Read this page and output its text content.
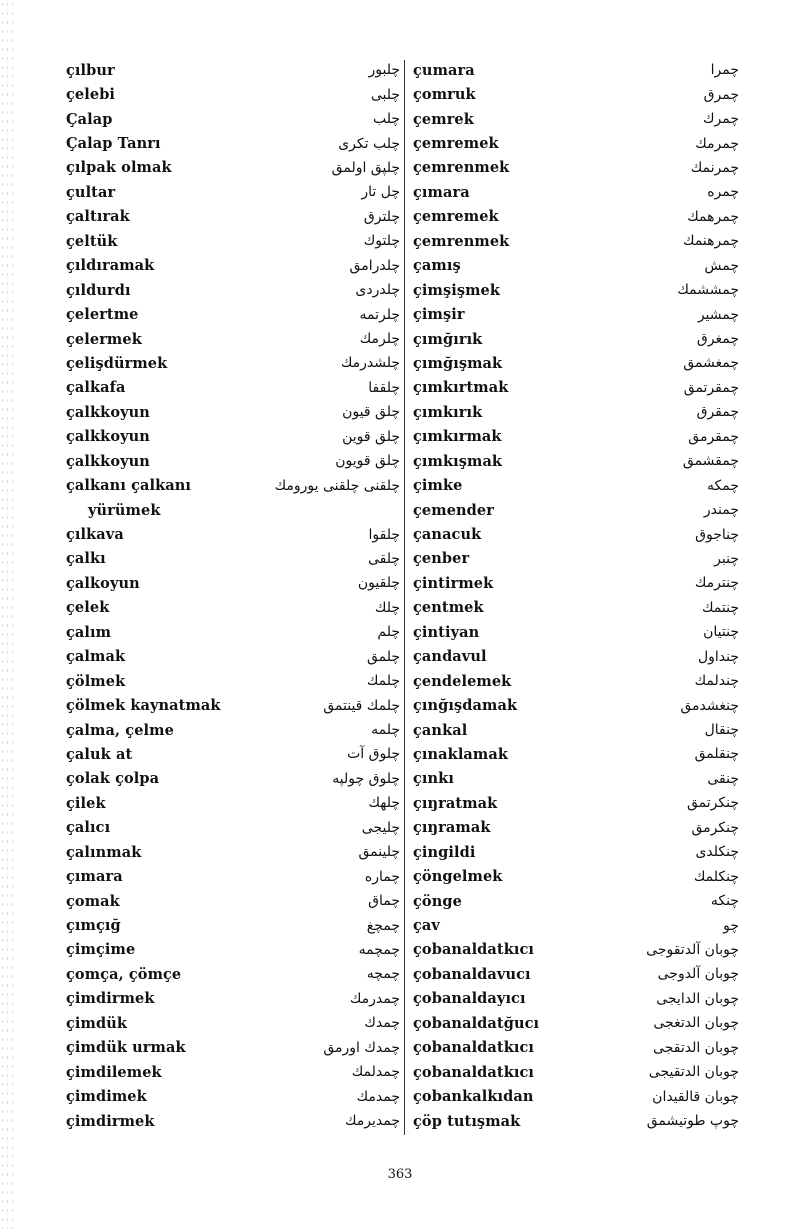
çılbur	چلبور
çelebi	چلبی
Çalap	چلب
Çalap Tanrı	چلب تکری
çılpak olmak	چلپق اولمق
çultar	چل تار
çaltırak	چلترق
çeltük	چلتوك
çıldıramak	چلدرامق
çıldurdı	چلدردی
çelertme	چلرتمه
çelermek	چلرمك
çelişdürmek	چلشدرمك
çalkafa	چلقفا
çalkkoyun	چلق قیون
çalkkoyun	چلق قوین
çalkkoyun	چلق قویون
çalkanı çalkanı	چلقنی چلقنی یورومك
yürümek
çılkava	چلقوا
çalkı	چلقی
çalkoyun	چلقیون
çelek	چلك
çalım	چلم
çalmak	چلمق
çölmek	چلمك
çölmek kaynatmak	چلمك قینتمق
çalma, çelme	چلمه
çaluk at	چلوق آت
çolak çolpa	چلوق چولپه
çilek	چلهك
çalıcı	چلیجی
çalınmak	چلینمق
çımara	چماره
çomak	چماق
çımçığ	چمچغ
çimçime	چمچمه
çomça, çömçe	چمچه
çimdirmek	چمدرمك
çimdük	چمدك
çimdük urmak	چمدك اورمق
çimdilemek	چمدلمك
çimdimek	چمدمك
çimdirmek	چمدیرمك
çumara	چمرا
çomruk	چمرق
çemrek	چمرك
çemremek	چمرمك
çemrenmek	چمرنمك
çımara	چمره
çemremek	چمرهمك
çemrenmek	چمرهنمك
çamış	چمش
çimşişmek	چمششمك
çimşir	چمشیر
çımğırık	چمغرق
çımğışmak	چمغشمق
çımkırtmak	چمقرتمق
çımkırık	چمقرق
çımkırmak	چمقرمق
çımkışmak	چمقشمق
çimke	چمکه
çemender	چمندر
çanacuk	چناجوق
çenber	چنبر
çintirmek	چنترمك
çentmek	چنتمك
çintiyan	چنتیان
çandavul	چنداول
çendelemek	چندلمك
çınğışdamak	چنغشدمق
çankal	چنقال
çınaklamak	چنقلمق
çınkı	چنقی
çıŋratmak	چنکرتمق
çıŋramak	چنکرمق
çingildi	چنکلدی
çöngelmek	چنکلمك
çönge	چنکه
çav	چو
çobanaldatkıcı	چوبان آلدتقوجی
çobanaldavucı	چوبان آلدوجی
çobanaldayıcı	چوبان الدایجی
çobanaldatğucı	چوبان الدتغجی
çobanaldatkıcı	چوبان الدتقجی
çobanaldatkıcı	چوبان الدتقیجی
çobankalkıdan	چوبان قالقیدان
çöp tutışmak	چوپ طوتیشمق
363
